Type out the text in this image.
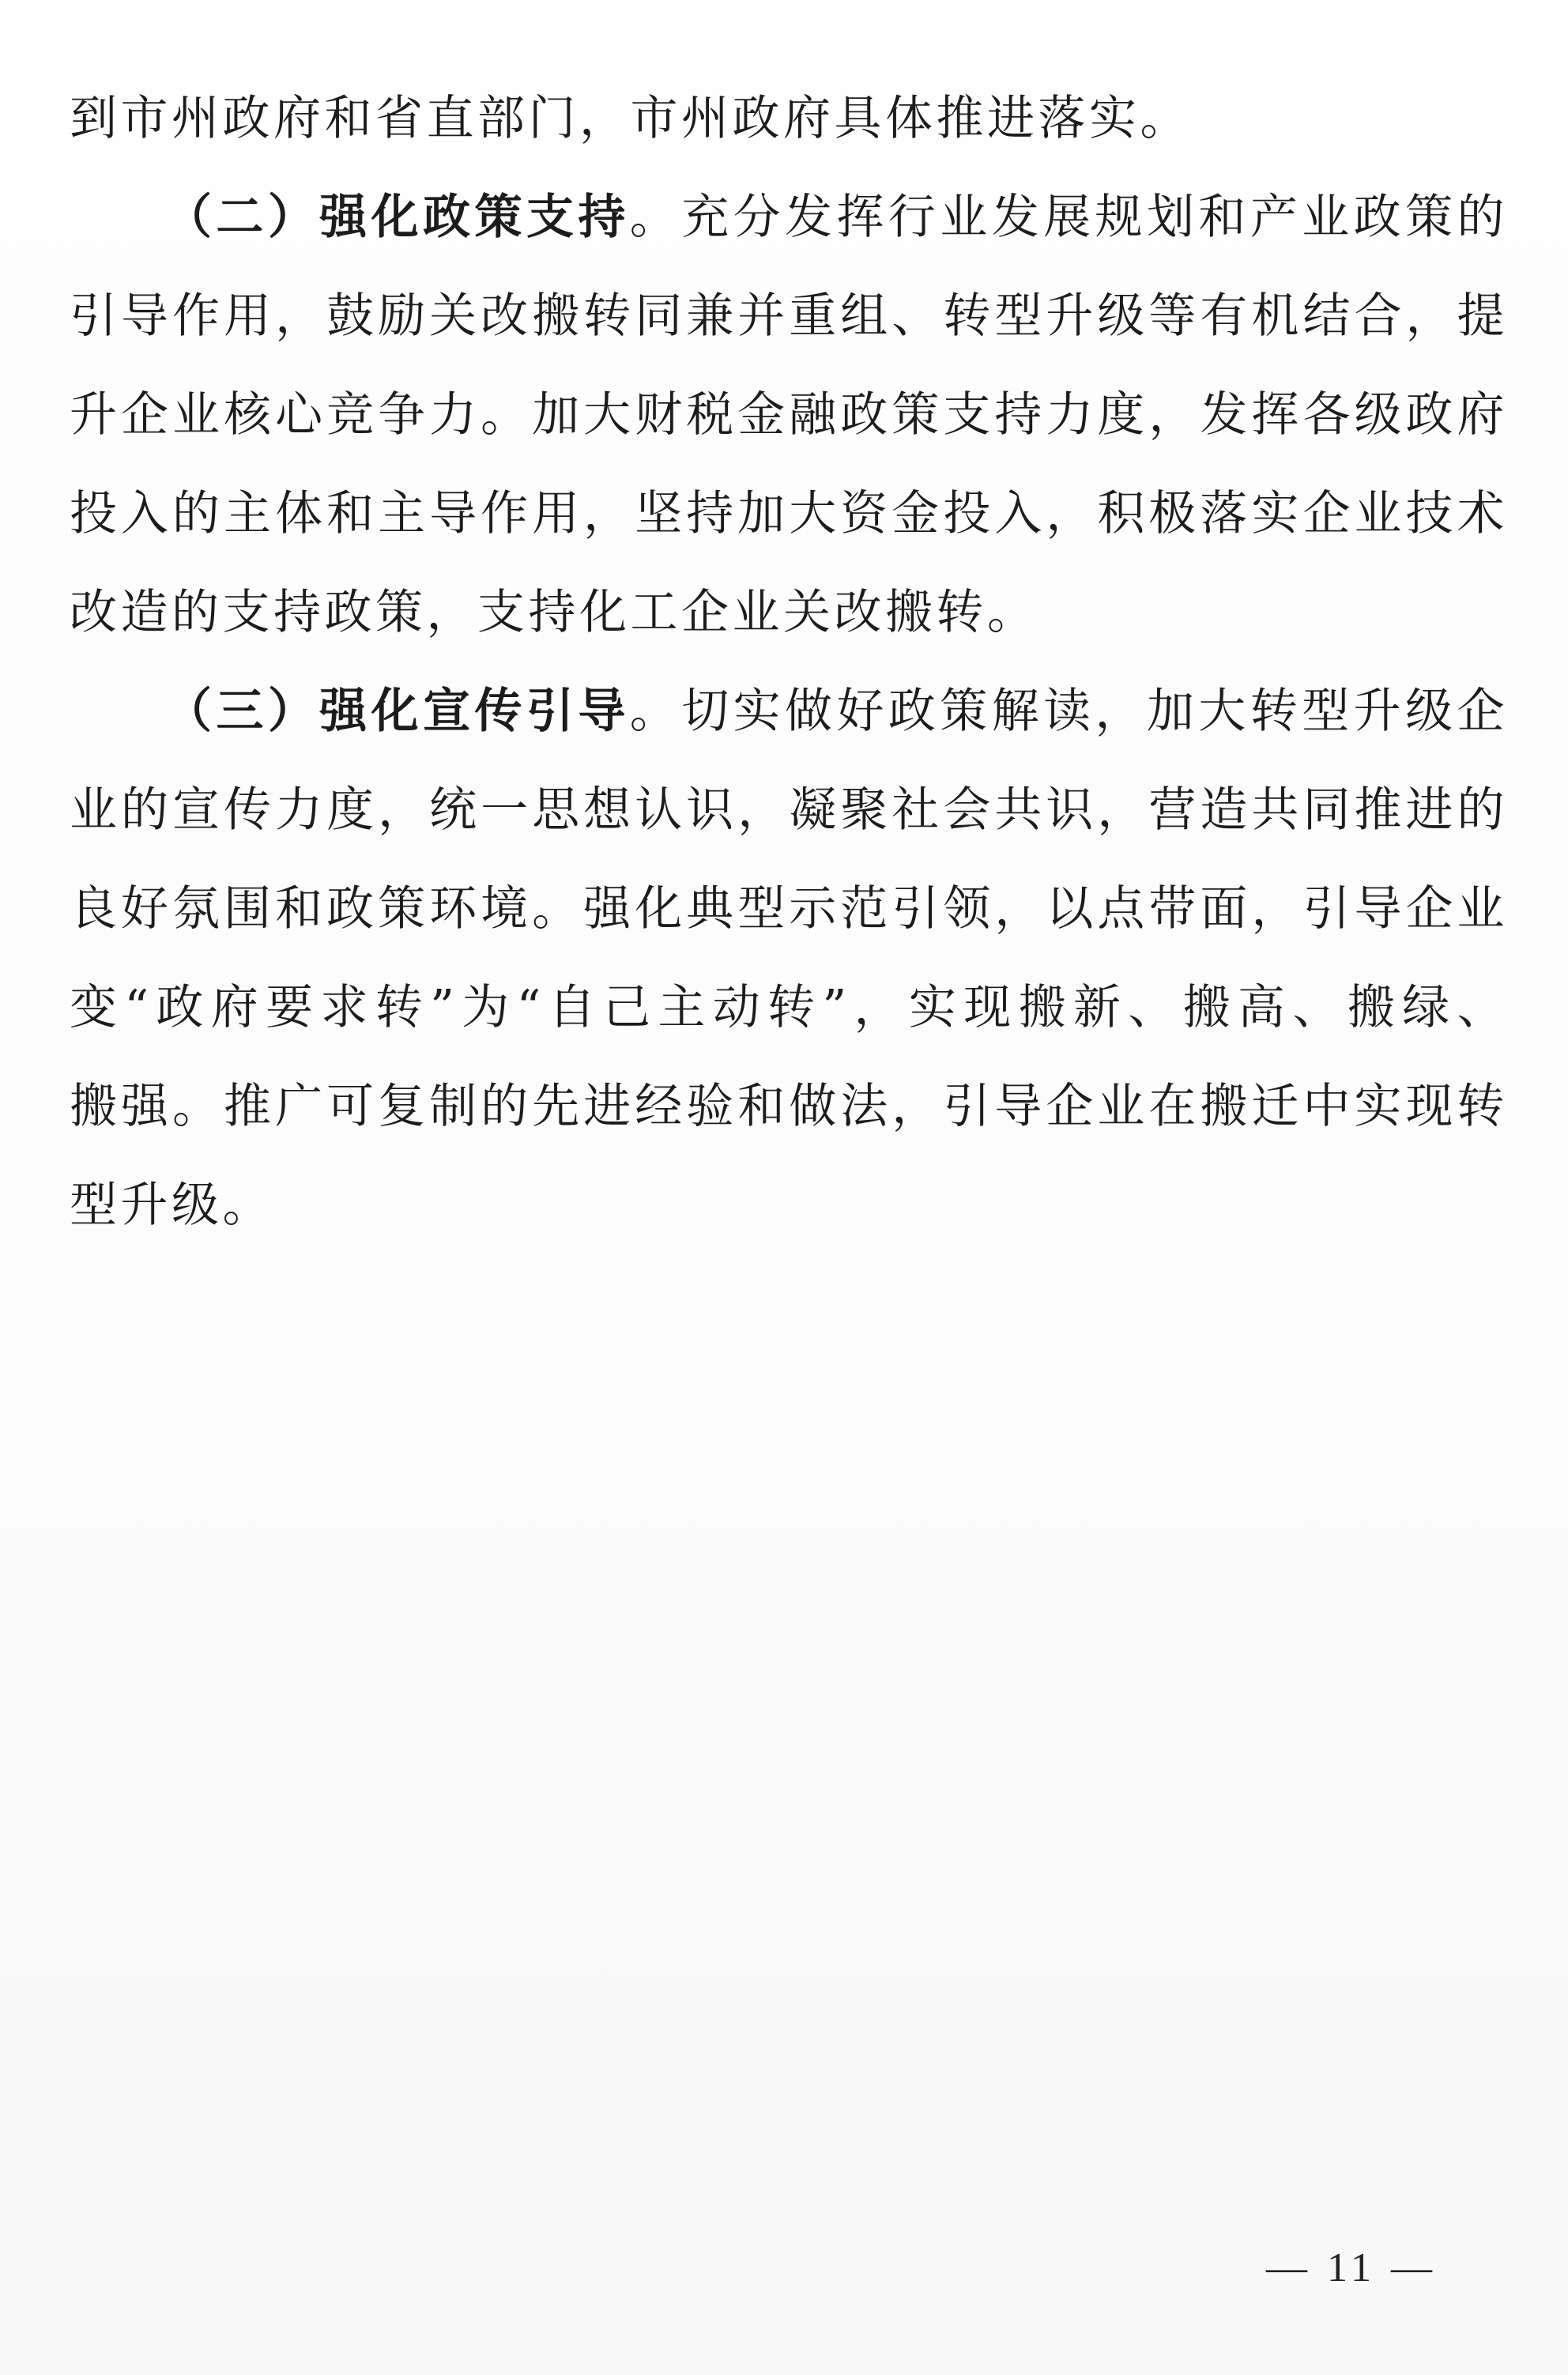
到市州政府和省直部门，市州政府具体推进落实。
（二）强化政策支持。充分发挥行业发展规划和产业政策的
引导作用，鼓励关改搬转同兼并重组、转型升级等有机结合，提
升企业核心竞争力。加大财税金融政策支持力度，发挥各级政府
投入的主体和主导作用，坚持加大资金投入，积极落实企业技术
改造的支持政策，支持化工企业关改搬转。
（三）强化宣传引导。切实做好政策解读，加大转型升级企
业的宣传力度，统一思想认识，凝聚社会共识，营造共同推进的
良好氛围和政策环境。强化典型示范引领，以点带面，引导企业
变“政府要求转”为“自己主动转”，实现搬新、搬高、搬绿、
搬强。推广可复制的先进经验和做法，引导企业在搬迁中实现转
型升级。
— 11 —
